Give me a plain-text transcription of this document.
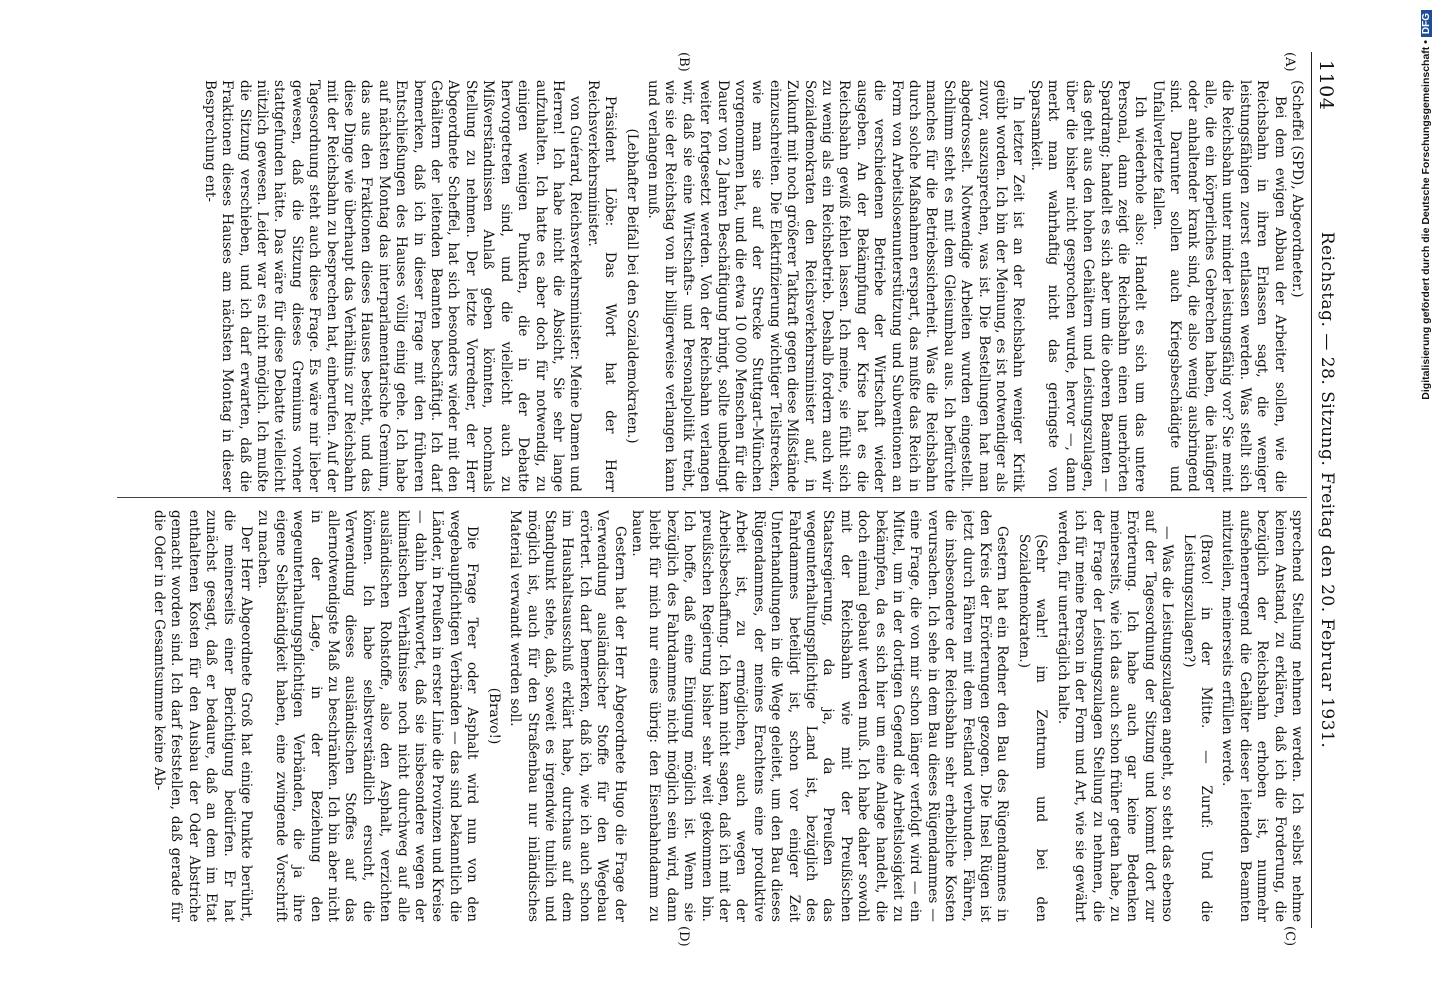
1104
Reichstag. — 28. Sitzung. Freitag den 20. Februar 1931.
(A)
(B)
(C)
(D)

(Scheffel (SPD), Abgeordneter.)

Bei dem ewigen Abbau der Arbeiter sollen, wie die Reichsbahn in ihren Erlassen sagt, die weniger leistungsfähigen zuerst entlassen werden. Was stellt sich die Reichsbahn unter minder leistungsfähig vor? Sie meint alle, die ein körperliches Gebrechen haben, die häufiger oder anhaltender krank sind, die also wenig ausbringend sind. Darunter sollen auch Kriegsbeschädigte und Unfallverletzte fallen.

Ich wiederhole also: Handelt es sich um das untere Personal, dann zeigt die Reichsbahn einen unerhörten Spardrang; handelt es sich aber um die oberen Beamten — das geht aus den hohen Gehältern und Leistungszulagen, über die bisher nicht gesprochen wurde, hervor —, dann merkt man wahrhaftig nicht das geringste von Sparsamkeit.

In letzter Zeit ist an der Reichsbahn weniger Kritik geübt worden. Ich bin der Meinung, es ist notwendiger als zuvor, auszusprechen, was ist. Die Bestellungen hat man abgedrosselt. Notwendige Arbeiten wurden eingestellt. Schlimm steht es mit dem Gleisumbau aus. Ich befürchte manches für die Betriebssicherheit. Was die Reichsbahn durch solche Maßnahmen erspart, das mußte das Reich in Form von Arbeitslosenunterstützung und Subventionen an die verschiedenen Betriebe der Wirtschaft wieder ausgeben. An der Bekämpfung der Krise hat es die Reichsbahn gewiß fehlen lassen. Ich meine, sie fühlt sich zu wenig als ein Reichsbetrieb. Deshalb fordern auch wir Sozialdemokraten den Reichsverkehrsminister auf, in Zukunft mit noch größerer Tatkraft gegen diese Mißstände einzuschreiten. Die Elektrifizierung wichtiger Teilstrecken, wie man sie auf der Strecke Stuttgart–München vorgenommen hat, und die etwa 10 000 Menschen für die Dauer von 2 Jahren Beschäftigung bringt, sollte unbedingt weiter fortgesetzt werden. Von der Reichsbahn verlangen wir, daß sie eine Wirtschafts- und Personalpolitik treibt, wie sie der Reichstag von ihr billigerweise verlangen kann und verlangen muß.

(Lebhafter Beifall bei den Sozialdemokraten.)

Präsident Löbe: Das Wort hat der Herr Reichsverkehrsminister.

von Guérard, Reichsverkehrsminister: Meine Damen und Herren! Ich habe nicht die Absicht, Sie sehr lange aufzuhalten. Ich hatte es aber doch für notwendig, zu einigen wenigen Punkten, die in der Debatte hervorgetreten sind, und die vielleicht auch zu Mißverständnissen Anlaß geben könnten, nochmals Stellung zu nehmen. Der letzte Vorredner, der Herr Abgeordnete Scheffel, hat sich besonders wieder mit den Gehältern der leitenden Beamten beschäftigt. Ich darf bemerken, daß ich in dieser Frage mit den früheren Entschließungen des Hauses völlig einig gehe. Ich habe auf nächsten Montag das interparlamentarische Gremium, das aus den Fraktionen dieses Hauses besteht, und das diese Dinge wie überhaupt das Verhältnis zur Reichsbahn mit der Reichsbahn zu besprechen hat, einberufen. Auf der Tagesordnung steht auch diese Frage. Es wäre mir lieber gewesen, daß die Sitzung dieses Gremiums vorher stattgefunden hätte. Das wäre für diese Debatte vielleicht nützlich gewesen. Leider war es nicht möglich. Ich mußte die Sitzung verschieben, und ich darf erwarten, daß die Fraktionen dieses Hauses am nächsten Montag in dieser Besprechung ent-

sprechend Stellung nehmen werden. Ich selbst nehme keinen Anstand, zu erklären, daß ich die Forderung, die bezüglich der Reichsbahn erhoben ist, nunmehr aufsehenerregend die Gehälter dieser leitenden Beamten mitzuteilen, meinerseits erfüllen werde.

(Bravo! in der Mitte. — Zuruf: Und die Leistungszulagen?)

— Was die Leistungszulagen angeht, so steht das ebenso auf der Tagesordnung der Sitzung und kommt dort zur Erörterung. Ich habe auch gar keine Bedenken meinerseits, wie ich das auch schon früher getan habe, zu der Frage der Leistungszulagen Stellung zu nehmen, die ich für meine Person in der Form und Art, wie sie gewährt werden, für unerträglich halte.

(Sehr wahr! im Zentrum und bei den Sozialdemokraten.)

Gestern hat ein Redner den Bau des Rügendammes in den Kreis der Erörterungen gezogen. Die Insel Rügen ist jetzt durch Fähren mit dem Festland verbunden. Fähren, die insbesondere der Reichsbahn sehr erhebliche Kosten verursachen. Ich sehe in dem Bau dieses Rügendammes — eine Frage, die von mir schon länger verfolgt wird — ein Mittel, um in der dortigen Gegend die Arbeitslosigkeit zu bekämpfen, da es sich hier um eine Anlage handelt, die doch einmal gebaut werden muß. Ich habe daher sowohl mit der Reichsbahn wie mit der Preußischen Staatsregierung, da ja, da Preußen das wegeunterhaltungspflichtige Land ist, bezüglich des Fahrdammes beteiligt ist, schon vor einiger Zeit Unterhandlungen in die Wege geleitet, um den Bau dieses Rügendammes, der meines Erachtens eine produktive Arbeit ist, zu ermöglichen, auch wegen der Arbeitsbeschaffung. Ich kann nicht sagen, daß ich mit der preußischen Regierung bisher sehr weit gekommen bin. Ich hoffe, daß eine Einigung möglich ist. Wenn sie bezüglich des Fahrdammes nicht möglich sein wird, dann bleibt für mich nur eines übrig: den Eisenbahndamm zu bauen.

Gestern hat der Herr Abgeordnete Hugo die Frage der Verwendung ausländischer Stoffe für den Wegebau erörtert. Ich darf bemerken, daß ich, wie ich auch schon im Haushaltsausschuß erklärt habe, durchaus auf dem Standpunkt stehe, daß, soweit es irgendwie tunlich und möglich ist, auch für den Straßenbau nur inländisches Material verwandt werden soll.

(Bravo!)

Die Frage Teer oder Asphalt wird nun von den wegebaupflichtigen Verbänden — das sind bekanntlich die Länder, in Preußen in erster Linie die Provinzen und Kreise — dahin beantwortet, daß sie insbesondere wegen der klimatischen Verhältnisse noch nicht durchweg auf alle ausländischen Rohstoffe, also den Asphalt, verzichten können. Ich habe selbstverständlich ersucht, die Verwendung dieses ausländischen Stoffes auf das allernotwendigste Maß zu beschränken. Ich bin aber nicht in der Lage, in der Beziehung den wegeunterhaltungspflichtigen Verbänden, die ja ihre eigene Selbständigkeit haben, eine zwingende Vorschrift zu machen.

Der Herr Abgeordnete Groß hat einige Punkte berührt, die meinerseits einer Berichtigung bedürfen. Er hat zunächst gesagt, daß er bedaure, daß an dem im Etat enthaltenen Kosten für den Ausbau der Oder Abstriche gemacht worden sind. Ich darf feststellen, daß gerade für die Oder in der Gesamtsumme keine Ab-

Digitalisierung gefördert durch die Deutsche Forschungsgemeinschaft •
DFG
